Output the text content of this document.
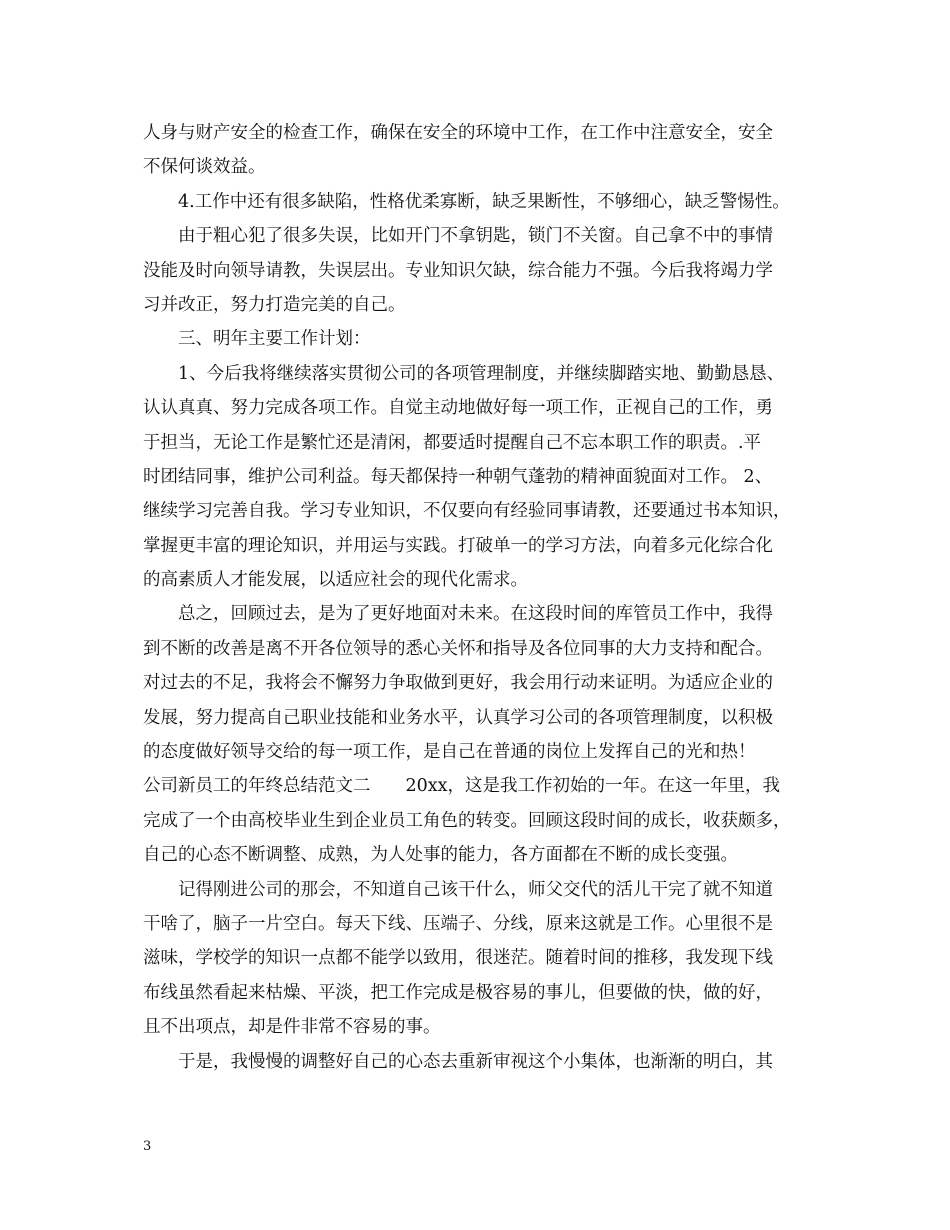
人身与财产安全的检查工作，确保在安全的环境中工作，在工作中注意安全，安全
不保何谈效益。
4.工作中还有很多缺陷，性格优柔寡断，缺乏果断性，不够细心，缺乏警惕性。
由于粗心犯了很多失误，比如开门不拿钥匙，锁门不关窗。自己拿不中的事情
没能及时向领导请教，失误层出。专业知识欠缺，综合能力不强。今后我将竭力学
习并改正，努力打造完美的自己。
三、明年主要工作计划：
1、今后我将继续落实贯彻公司的各项管理制度，并继续脚踏实地、勤勤恳恳、
认认真真、努力完成各项工作。自觉主动地做好每一项工作，正视自己的工作，勇
于担当，无论工作是繁忙还是清闲，都要适时提醒自己不忘本职工作的职责。.平
时团结同事，维护公司利益。每天都保持一种朝气蓬勃的精神面貌面对工作。 2、
继续学习完善自我。学习专业知识，不仅要向有经验同事请教，还要通过书本知识，
掌握更丰富的理论知识，并用运与实践。打破单一的学习方法，向着多元化综合化
的高素质人才能发展，以适应社会的现代化需求。
总之，回顾过去，是为了更好地面对未来。在这段时间的库管员工作中，我得
到不断的改善是离不开各位领导的悉心关怀和指导及各位同事的大力支持和配合。
对过去的不足，我将会不懈努力争取做到更好，我会用行动来证明。为适应企业的
发展，努力提高自己职业技能和业务水平，认真学习公司的各项管理制度，以积极
的态度做好领导交给的每一项工作，是自己在普通的岗位上发挥自己的光和热！
公司新员工的年终总结范文二　　20xx，这是我工作初始的一年。在这一年里，我
完成了一个由高校毕业生到企业员工角色的转变。回顾这段时间的成长，收获颇多，
自己的心态不断调整、成熟，为人处事的能力，各方面都在不断的成长变强。
记得刚进公司的那会，不知道自己该干什么，师父交代的活儿干完了就不知道
干啥了，脑子一片空白。每天下线、压端子、分线，原来这就是工作。心里很不是
滋味，学校学的知识一点都不能学以致用，很迷茫。随着时间的推移，我发现下线
布线虽然看起来枯燥、平淡，把工作完成是极容易的事儿，但要做的快，做的好，
且不出项点，却是件非常不容易的事。
于是，我慢慢的调整好自己的心态去重新审视这个小集体，也渐渐的明白，其
3
